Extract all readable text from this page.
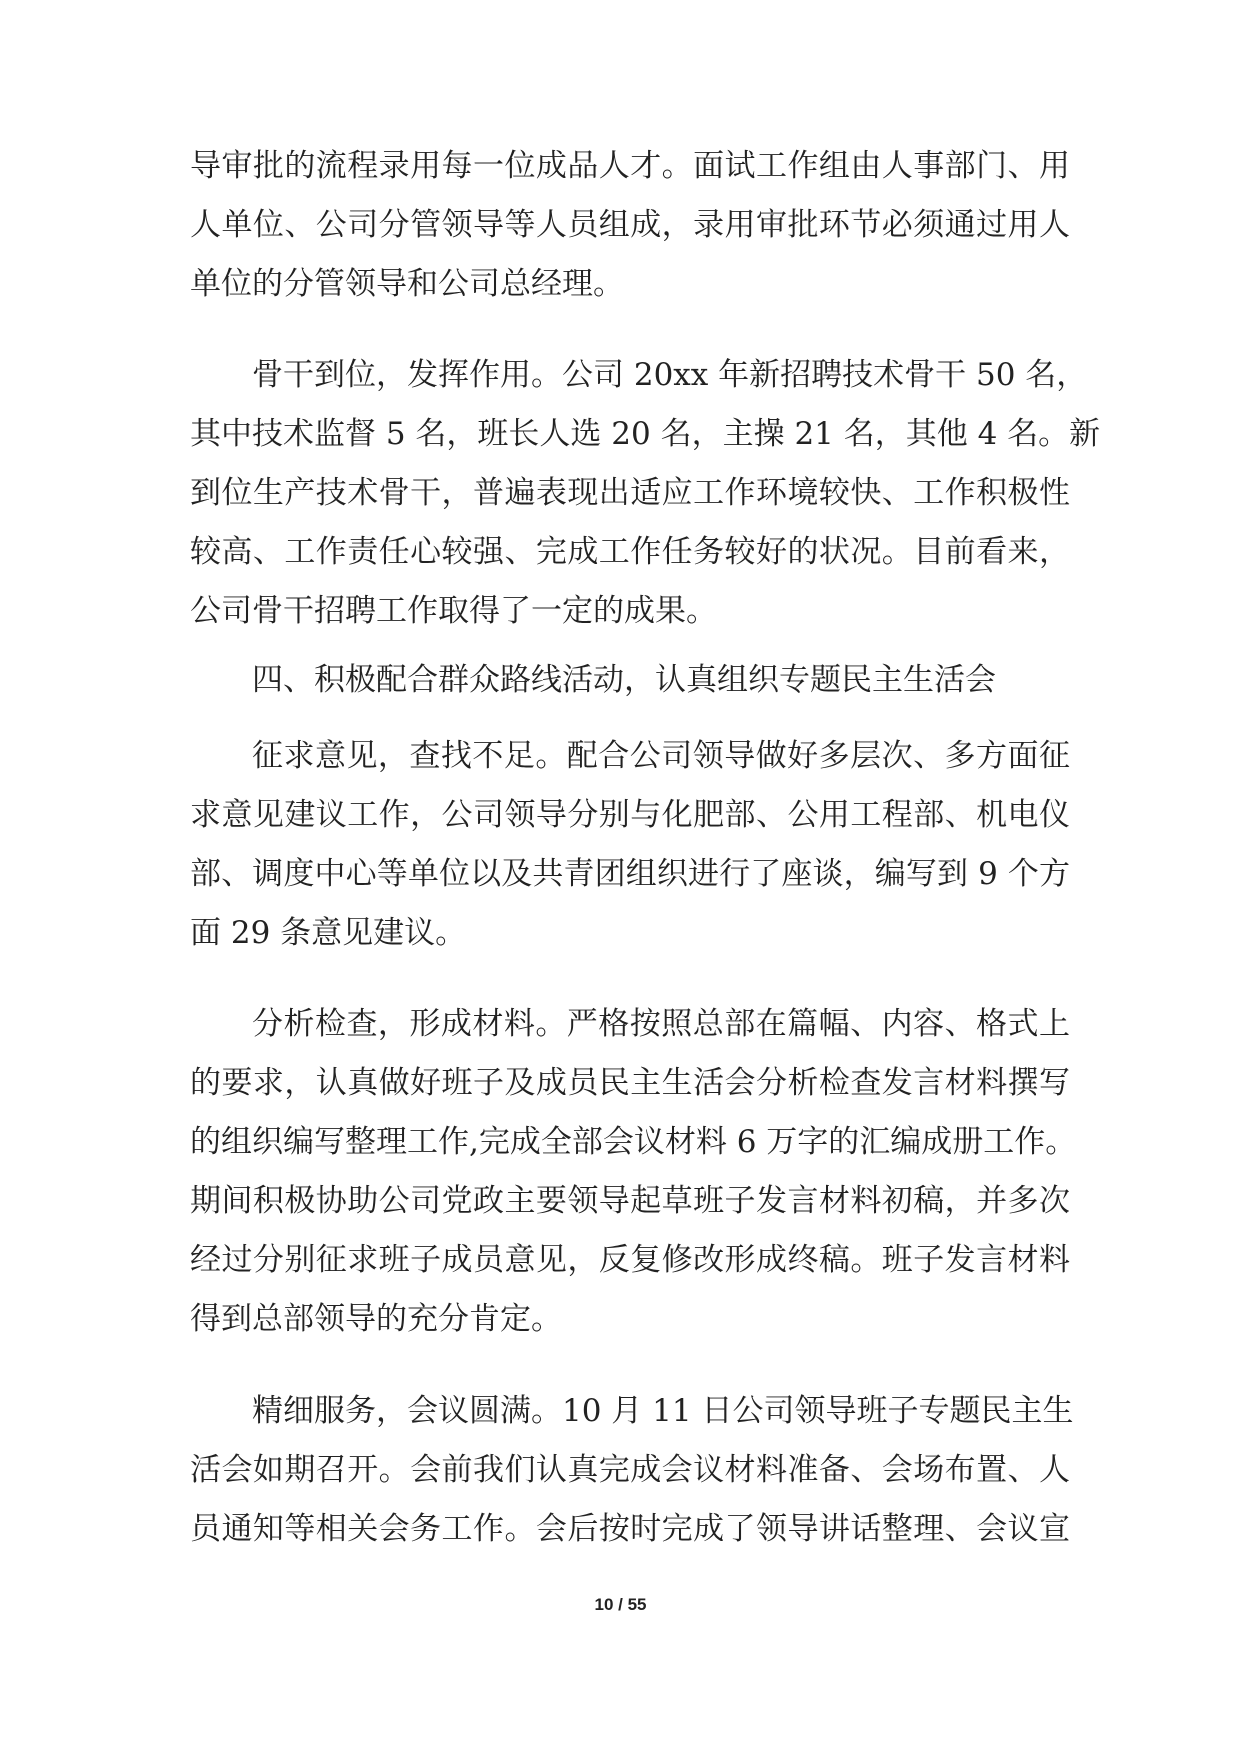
导审批的流程录用每一位成品人才。面试工作组由人事部门、用
人单位、公司分管领导等人员组成，录用审批环节必须通过用人
单位的分管领导和公司总经理。
骨干到位，发挥作用。公司 20xx 年新招聘技术骨干 50 名，
其中技术监督 5 名，班长人选 20 名，主操 21 名，其他 4 名。新
到位生产技术骨干，普遍表现出适应工作环境较快、工作积极性
较高、工作责任心较强、完成工作任务较好的状况。目前看来，
公司骨干招聘工作取得了一定的成果。
四、积极配合群众路线活动，认真组织专题民主生活会
征求意见，查找不足。配合公司领导做好多层次、多方面征
求意见建议工作，公司领导分别与化肥部、公用工程部、机电仪
部、调度中心等单位以及共青团组织进行了座谈，编写到 9 个方
面 29 条意见建议。
分析检查，形成材料。严格按照总部在篇幅、内容、格式上
的要求，认真做好班子及成员民主生活会分析检查发言材料撰写
的组织编写整理工作,完成全部会议材料 6 万字的汇编成册工作。
期间积极协助公司党政主要领导起草班子发言材料初稿，并多次
经过分别征求班子成员意见，反复修改形成终稿。班子发言材料
得到总部领导的充分肯定。
精细服务，会议圆满。10 月 11 日公司领导班子专题民主生
活会如期召开。会前我们认真完成会议材料准备、会场布置、人
员通知等相关会务工作。会后按时完成了领导讲话整理、会议宣
10 / 55
